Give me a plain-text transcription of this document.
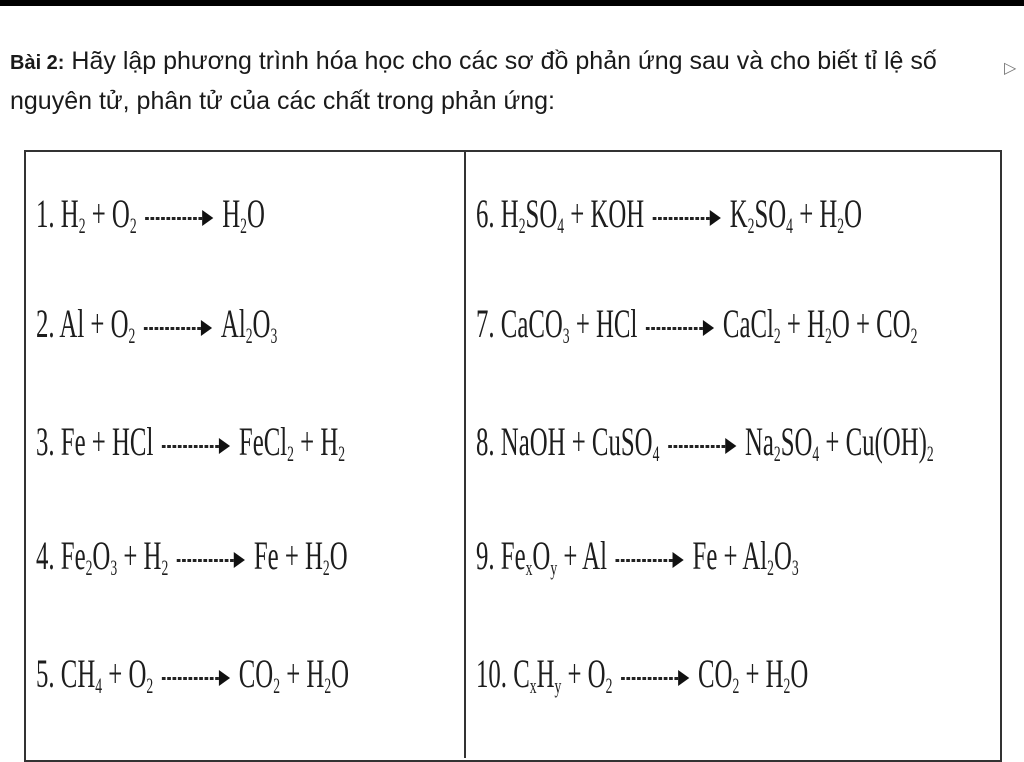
Bài 2: Hãy lập phương trình hóa học cho các sơ đồ phản ứng sau và cho biết tỉ lệ số nguyên tử, phân tử của các chất trong phản ứng:
▷
1. $H_2 + O_2$ $H_2O$
2. $Al + O_2$ $Al_2O_3$
3. Fe + HCl FeCl$_2$ + $H_2$
4. $Fe_2O_3 + H_2$ $Fe + H_2O$
5. $CH_4 + O_2$ $CO_2 + H_2O$
6. $H_2SO_4$ + KOH $K_2SO_4 + H_2O$
7. CaCO$_3$ + HCl CaCl$_2$ + $H_2O + CO_2$
8. NaOH + CuSO$_4$ $Na_2SO_4 + Cu(OH)_2$
9. $Fe_xO_y + Al$ $Fe + Al_2O_3$
10. $C_xH_y + O_2$ $CO_2 + H_2O$
